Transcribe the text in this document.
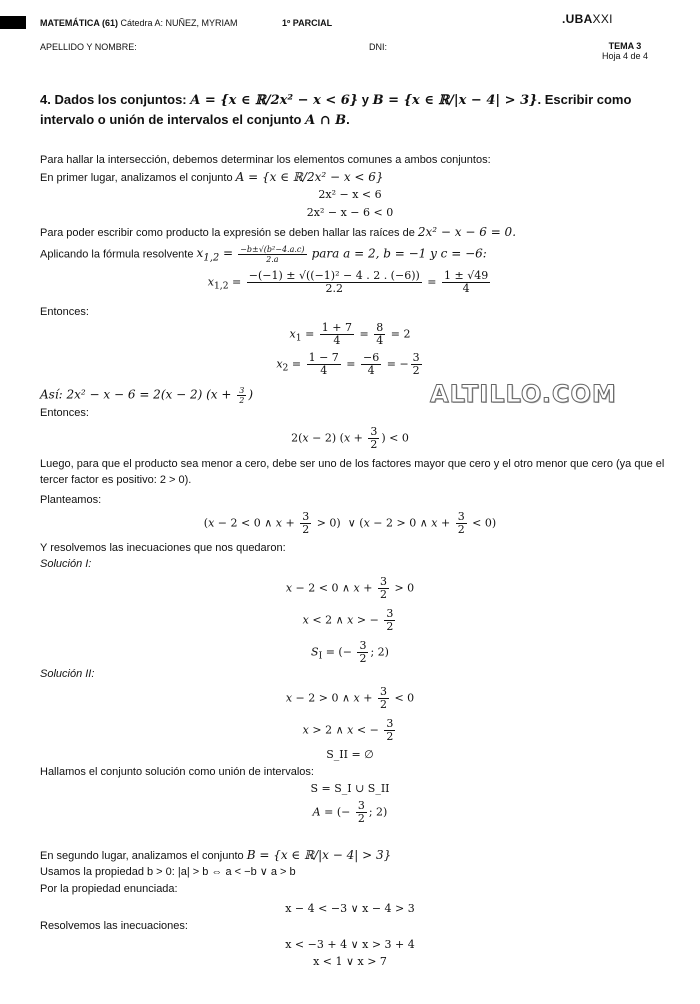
MATEMÁTICA (61) Cátedra A: NUÑEZ, MYRIAM	1º PARCIAL	.UBAXXI
APELLIDO Y NOMBRE:	DNI:	TEMA 3
Hoja 4 de 4
4. Dados los conjuntos: A = {x ∈ ℝ/2x² − x < 6} y B = {x ∈ ℝ/|x − 4| > 3}. Escribir como intervalo o unión de intervalos el conjunto A ∩ B.
Para hallar la intersección, debemos determinar los elementos comunes a ambos conjuntos:
En primer lugar, analizamos el conjunto A = {x ∈ ℝ/2x² − x < 6}
2x² − x < 6
2x² − x − 6 < 0
Para poder escribir como producto la expresión se deben hallar las raíces de 2x² − x − 6 = 0.
Aplicando la fórmula resolvente $x_{1,2} = \frac{\text{−b±√(b²−4.a.c)}}{2.a}$ para a = 2, b = −1 y c = −6:
$x_{1,2} = \frac{\text{−(−1) ± √((−1)² − 4 . 2 . (−6))}}{2.2} = \frac{1 \pm √49}{4}$
Entonces:
$x_1 = \frac{1 + 7}{4} = \frac{8}{4} = 2$
$x_2 = \frac{1 - 7}{4} = \frac{-6}{4}$ = − $\frac{3}{2}$
Así: 2x² − x − 6 = 2(x − 2) ($x + \frac{3}{2}$ )	ALTILLO.COM
Entonces:
2(x − 2) ($x + \frac{3}{2}$ ) < 0
Luego, para que el producto sea menor a cero, debe ser uno de los factores mayor que cero y el otro menor que cero (ya que el tercer factor es positivo: 2 > 0).
Planteamos:
(x − 2 < 0 ∧ $x + \frac{3}{2} > 0$)  ∨ (x − 2 > 0 ∧ $x + \frac{3}{2} < 0$)
Y resolvemos las inecuaciones que nos quedaron:
Solución I:
x − 2 < 0 ∧ $x + \frac{3}{2} > 0$
x < 2 ∧ x > − $\frac{3}{2}$
$S_I$ = (− $\frac{3}{2}$ ; 2)
Solución II:
x − 2 > 0 ∧ $x + \frac{3}{2} < 0$
x > 2 ∧ x < − $\frac{3}{2}$
S_II = ∅
Hallamos el conjunto solución como unión de intervalos:
S = S_I ∪ S_II
A = (− $\frac{3}{2}$ ; 2)
En segundo lugar, analizamos el conjunto B = {x ∈ ℝ/|x − 4| > 3}
Usamos la propiedad b > 0: |a| > b ⇔ a < −b ∨ a > b
Por la propiedad enunciada:
x − 4 < −3 ∨ x − 4 > 3
Resolvemos las inecuaciones:
x < −3 + 4 ∨ x > 3 + 4
x < 1 ∨ x > 7
